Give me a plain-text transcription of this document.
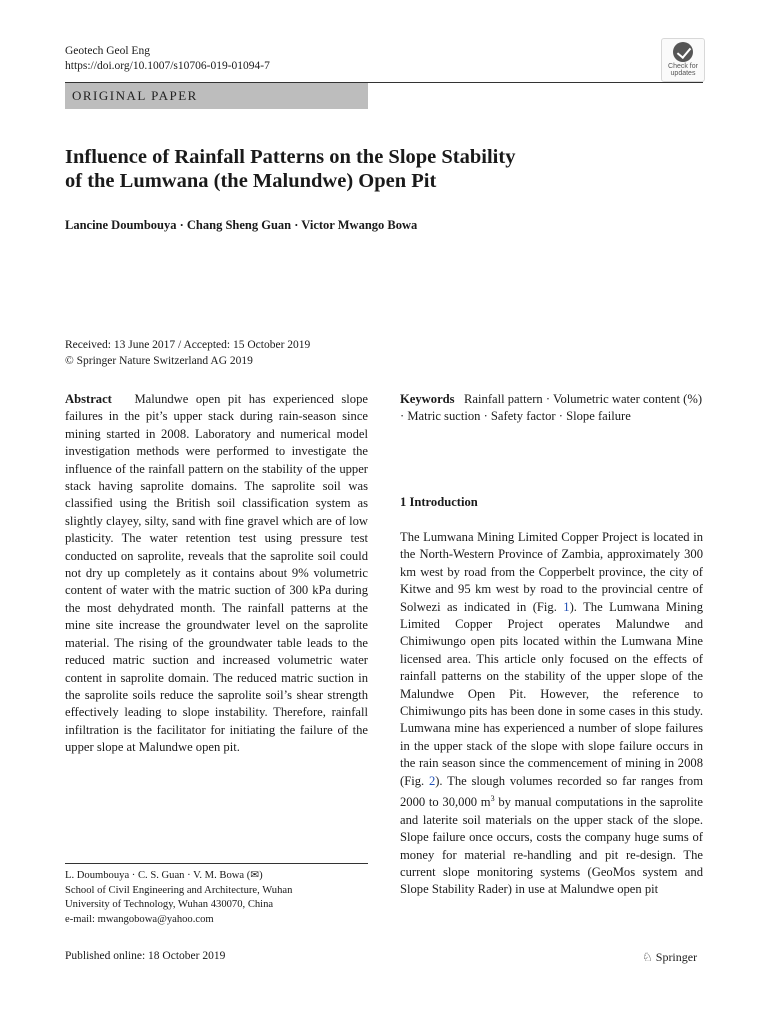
Geotech Geol Eng
https://doi.org/10.1007/s10706-019-01094-7	Check for updates
ORIGINAL PAPER
Influence of Rainfall Patterns on the Slope Stability
of the Lumwana (the Malundwe) Open Pit
Lancine Doumbouya · Chang Sheng Guan · Victor Mwango Bowa
Received: 13 June 2017 / Accepted: 15 October 2019
© Springer Nature Switzerland AG 2019
Abstract Malundwe open pit has experienced slope failures in the pit’s upper stack during rain-season since mining started in 2008. Laboratory and numerical model investigation methods were performed to investigate the influence of the rainfall pattern on the stability of the upper stack having saprolite domains. The saprolite soil was classified using the British soil classification system as slightly clayey, silty, sand with fine gravel which are of low plasticity. The water retention test using pressure test conducted on saprolite, reveals that the saprolite soil could not dry up completely as it contains about 9% volumetric content of water with the matric suction of 300 kPa during the most dehydrated month. The rainfall patterns at the mine site increase the groundwater level on the saprolite material. The rising of the groundwater table leads to the reduced matric suction and increased volumetric water content in saprolite domain. The reduced matric suction in the saprolite soils reduce the saprolite soil’s shear strength effectively leading to slope instability. Therefore, rainfall infiltration is the facilitator for initiating the failure of the upper slope at Malundwe open pit.
Keywords Rainfall pattern · Volumetric water content (%) · Matric suction · Safety factor · Slope failure
1 Introduction
The Lumwana Mining Limited Copper Project is located in the North-Western Province of Zambia, approximately 300 km west by road from the Copperbelt province, the city of Kitwe and 95 km west by road to the provincial centre of Solwezi as indicated in (Fig. 1). The Lumwana Mining Limited Copper Project operates Malundwe and Chimiwungo open pits located within the Lumwana Mine licensed area. This article only focused on the effects of rainfall patterns on the stability of the upper slope of the Malundwe Open Pit. However, the reference to Chimiwungo pits has been done in some cases in this study. Lumwana mine has experienced a number of slope failures in the upper stack of the slope with slope failure occurs in the rain season since the commencement of mining in 2008 (Fig. 2). The slough volumes recorded so far ranges from 2000 to 30,000 $m^3$ by manual computations in the saprolite and laterite soil materials on the upper stack of the slope. Slope failure once occurs, costs the company huge sums of money for material re-handling and pit re-design. The current slope monitoring systems (GeoMos system and Slope Stability Rader) in use at Malundwe open pit
L. Doumbouya · C. S. Guan · V. M. Bowa (✉)
School of Civil Engineering and Architecture, Wuhan
University of Technology, Wuhan 430070, China
e-mail: mwangobowa@yahoo.com
Published online: 18 October 2019	♘ Springer
